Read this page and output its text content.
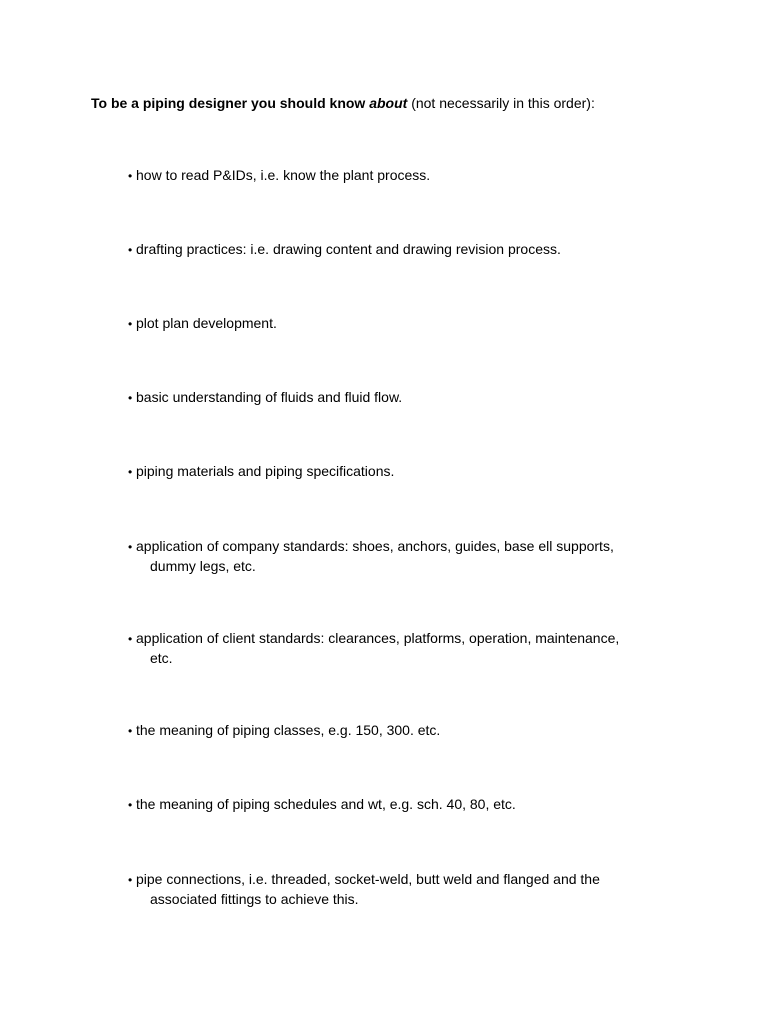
To be a piping designer you should know about (not necessarily in this order):
• how to read P&IDs, i.e. know the plant process.
• drafting practices: i.e. drawing content and drawing revision process.
• plot plan development.
• basic understanding of fluids and fluid flow.
• piping materials and piping specifications.
• application of company standards: shoes, anchors, guides, base ell supports,
dummy legs, etc.
• application of client standards: clearances, platforms, operation, maintenance,
etc.
• the meaning of piping classes, e.g. 150, 300. etc.
• the meaning of piping schedules and wt, e.g. sch. 40, 80, etc.
• pipe connections, i.e. threaded, socket-weld, butt weld and flanged and the
associated fittings to achieve this.
